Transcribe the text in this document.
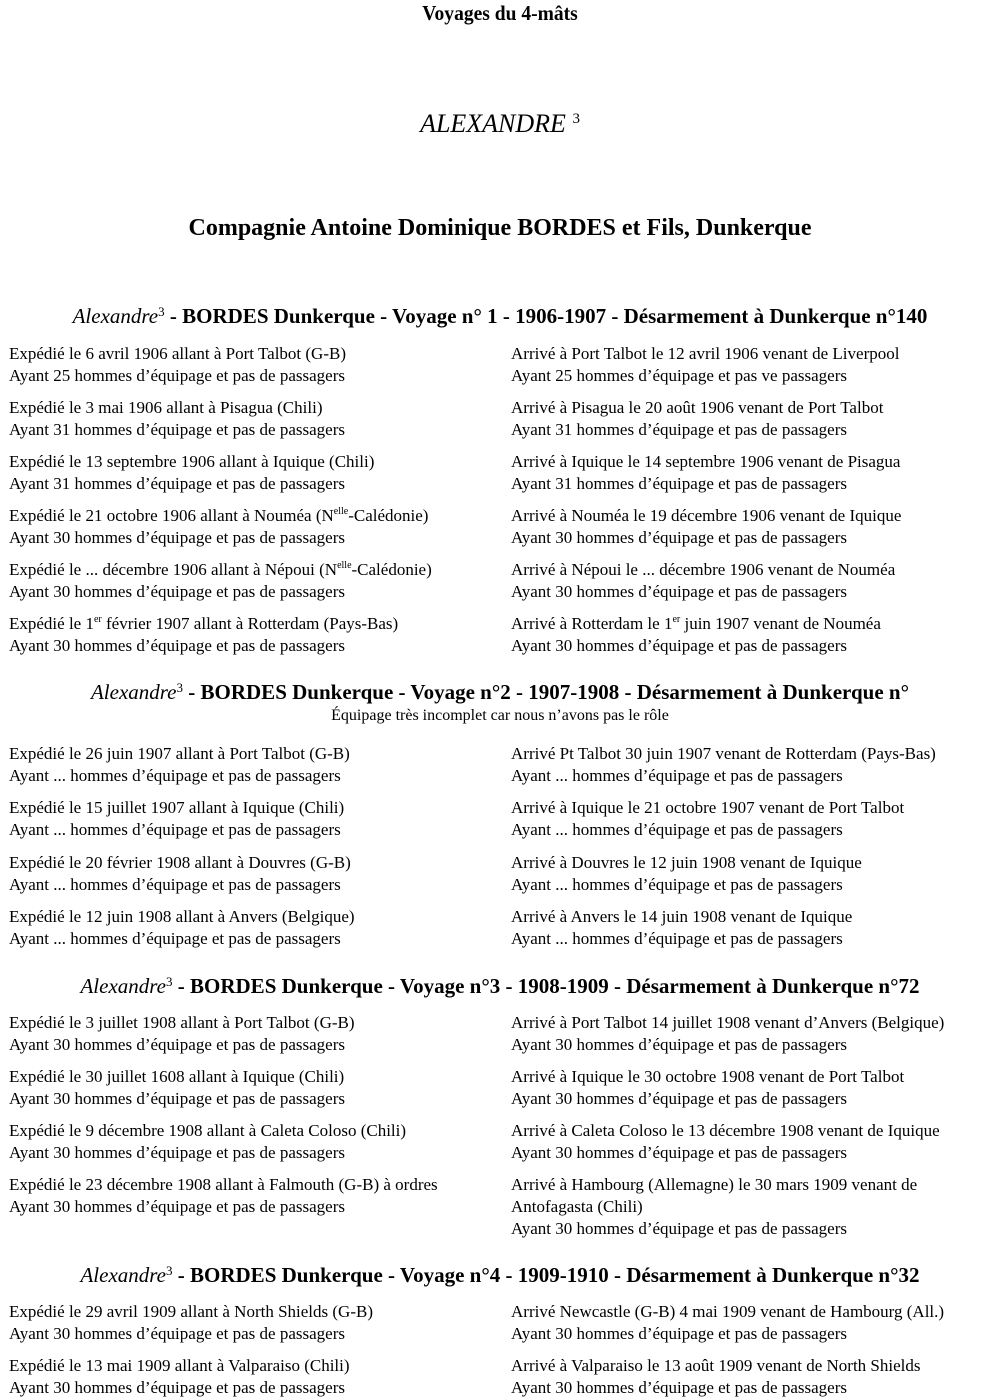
Voyages du 4-mâts
ALEXANDRE $^3$
Compagnie Antoine Dominique BORDES et Fils, Dunkerque
Alexandre$^3$ - BORDES Dunkerque - Voyage n° 1 - 1906-1907 - Désarmement à Dunkerque n°140
Expédié le 6 avril 1906 allant à Port Talbot (G-B)
Ayant 25 hommes d’équipage et pas de passagers
Arrivé à Port Talbot le 12 avril 1906 venant de Liverpool
Ayant 25 hommes d’équipage et pas ve passagers
Expédié le 3 mai 1906 allant à Pisagua (Chili)
Ayant 31 hommes d’équipage et pas de passagers
Arrivé à Pisagua le 20 août 1906 venant de Port Talbot
Ayant 31 hommes d’équipage et pas de passagers
Expédié le 13 septembre 1906 allant à Iquique (Chili)
Ayant 31 hommes d’équipage et pas de passagers
Arrivé à Iquique le 14 septembre 1906 venant de Pisagua
Ayant 31 hommes d’équipage et pas de passagers
Expédié le 21 octobre 1906 allant à Nouméa $(N^{elle}-Calédonie)$
Ayant 30 hommes d’équipage et pas de passagers
Arrivé à Nouméa le 19 décembre 1906 venant de Iquique
Ayant 30 hommes d’équipage et pas de passagers
Expédié le ... décembre 1906 allant à Népoui $(N^{elle}-Calédonie)$
Ayant 30 hommes d’équipage et pas de passagers
Arrivé à Népoui le ... décembre 1906 venant de Nouméa
Ayant 30 hommes d’équipage et pas de passagers
Expédié le 1er février 1907 allant à Rotterdam (Pays-Bas)
Ayant 30 hommes d’équipage et pas de passagers
Arrivé à Rotterdam le 1er juin 1907 venant de Nouméa
Ayant 30 hommes d’équipage et pas de passagers
Alexandre$^3$ - BORDES Dunkerque - Voyage n°2 - 1907-1908 - Désarmement à Dunkerque n°
Équipage très incomplet car nous n’avons pas le rôle
Expédié le 26 juin 1907 allant à Port Talbot (G-B)
Ayant ... hommes d’équipage et pas de passagers
Arrivé Pt Talbot 30 juin 1907 venant de Rotterdam (Pays-Bas)
Ayant ... hommes d’équipage et pas de passagers
Expédié le 15 juillet 1907 allant à Iquique (Chili)
Ayant ... hommes d’équipage et pas de passagers
Arrivé à Iquique le 21 octobre 1907 venant de Port Talbot
Ayant ... hommes d’équipage et pas de passagers
Expédié le 20 février 1908 allant à Douvres (G-B)
Ayant ... hommes d’équipage et pas de passagers
Arrivé à Douvres le 12 juin 1908 venant de Iquique
Ayant ... hommes d’équipage et pas de passagers
Expédié le 12 juin 1908 allant à Anvers (Belgique)
Ayant ... hommes d’équipage et pas de passagers
Arrivé à Anvers le 14 juin 1908 venant de Iquique
Ayant ... hommes d’équipage et pas de passagers
Alexandre$^3$ - BORDES Dunkerque - Voyage n°3 - 1908-1909 - Désarmement à Dunkerque n°72
Expédié le 3 juillet 1908 allant à Port Talbot (G-B)
Ayant 30 hommes d’équipage et pas de passagers
Arrivé à Port Talbot 14 juillet 1908 venant d’Anvers (Belgique)
Ayant 30 hommes d’équipage et pas de passagers
Expédié le 30 juillet 1608 allant à Iquique (Chili)
Ayant 30 hommes d’équipage et pas de passagers
Arrivé à Iquique le 30 octobre 1908 venant de Port Talbot
Ayant 30 hommes d’équipage et pas de passagers
Expédié le 9 décembre 1908 allant à Caleta Coloso (Chili)
Ayant 30 hommes d’équipage et pas de passagers
Arrivé à Caleta Coloso le 13 décembre 1908 venant de Iquique
Ayant 30 hommes d’équipage et pas de passagers
Expédié le 23 décembre 1908 allant à Falmouth (G-B) à ordres
Ayant 30 hommes d’équipage et pas de passagers
Arrivé à Hambourg (Allemagne) le 30 mars 1909 venant de
Antofagasta (Chili)
Ayant 30 hommes d’équipage et pas de passagers
Alexandre$^3$ - BORDES Dunkerque - Voyage n°4 - 1909-1910 - Désarmement à Dunkerque n°32
Expédié le 29 avril 1909 allant à North Shields (G-B)
Ayant 30 hommes d’équipage et pas de passagers
Arrivé Newcastle (G-B) 4 mai 1909 venant de Hambourg (All.)
Ayant 30 hommes d’équipage et pas de passagers
Expédié le 13 mai 1909 allant à Valparaiso (Chili)
Ayant 30 hommes d’équipage et pas de passagers
Arrivé à Valparaiso le 13 août 1909 venant de North Shields
Ayant 30 hommes d’équipage et pas de passagers
